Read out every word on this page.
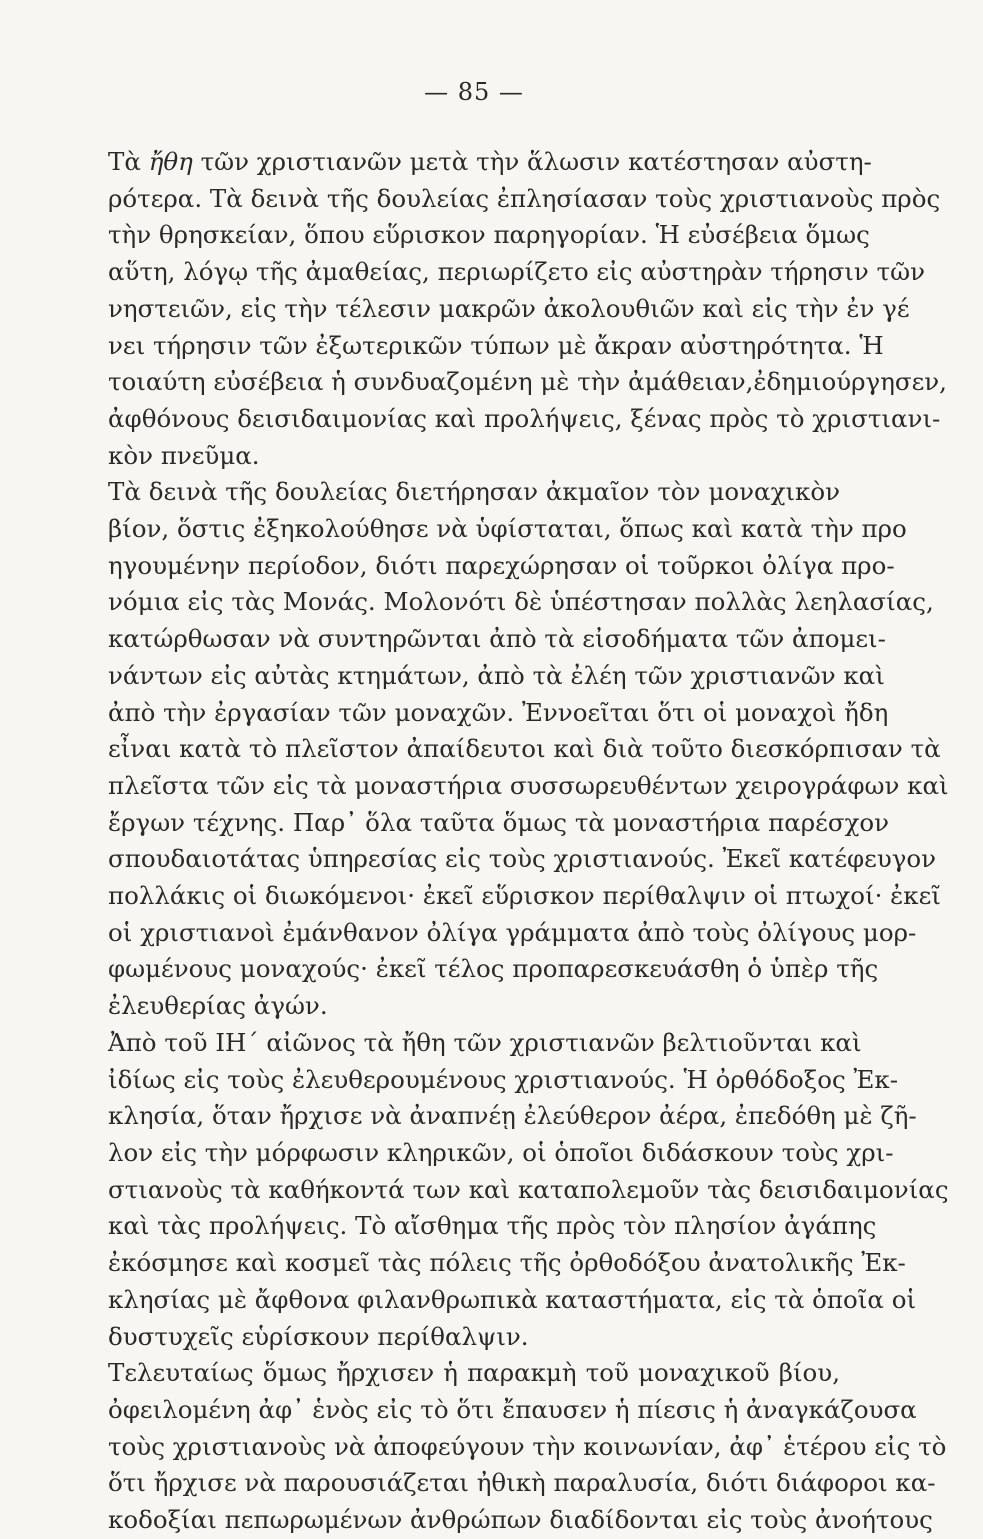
— 85 —
Τὰ ἤθη τῶν χριστιανῶν μετὰ τὴν ἅλωσιν κατέστησαν αὐστη-
ρότερα. Τὰ δεινὰ τῆς δουλείας ἐπλησίασαν τοὺς χριστιανοὺς πρὸς
τὴν θρησκείαν, ὅπου εὕρισκον παρηγορίαν. Ἡ εὐσέβεια ὅμως
αὕτη, λόγῳ τῆς ἀμαθείας, περιωρίζετο εἰς αὐστηρὰν τήρησιν τῶν
νηστειῶν, εἰς τὴν τέλεσιν μακρῶν ἀκολουθιῶν καὶ εἰς τὴν ἐν γέ
νει τήρησιν τῶν ἐξωτερικῶν τύπων μὲ ἄκραν αὐστηρότητα. Ἡ
τοιαύτη εὐσέβεια ἡ συνδυαζομένη μὲ τὴν ἀμάθειαν,ἐδημιούργησεν,
ἀφθόνους δεισιδαιμονίας καὶ προλήψεις, ξένας πρὸς τὸ χριστιανι-
κὸν πνεῦμα.
Τὰ δεινὰ τῆς δουλείας διετήρησαν ἀκμαῖον τὸν μοναχικὸν
βίον, ὅστις ἐξηκολούθησε νὰ ὑφίσταται, ὅπως καὶ κατὰ τὴν προ
ηγουμένην περίοδον, διότι παρεχώρησαν οἱ τοῦρκοι ὀλίγα προ-
νόμια εἰς τὰς Μονάς. Μολονότι δὲ ὑπέστησαν πολλὰς λεηλασίας,
κατώρθωσαν νὰ συντηρῶνται ἀπὸ τὰ εἰσοδήματα τῶν ἀπομει-
νάντων εἰς αὐτὰς κτημάτων, ἀπὸ τὰ ἐλέη τῶν χριστιανῶν καὶ
ἀπὸ τὴν ἐργασίαν τῶν μοναχῶν. Ἐννοεῖται ὅτι οἱ μοναχοὶ ἤδη
εἶναι κατὰ τὸ πλεῖστον ἀπαίδευτοι καὶ διὰ τοῦτο διεσκόρπισαν τὰ
πλεῖστα τῶν εἰς τὰ μοναστήρια συσσωρευθέντων χειρογράφων καὶ
ἔργων τέχνης. Παρ᾽ ὅλα ταῦτα ὅμως τὰ μοναστήρια παρέσχον
σπουδαιοτάτας ὑπηρεσίας εἰς τοὺς χριστιανούς. Ἐκεῖ κατέφευγον
πολλάκις οἱ διωκόμενοι· ἐκεῖ εὕρισκον περίθαλψιν οἱ πτωχοί· ἐκεῖ
οἱ χριστιανοὶ ἐμάνθανον ὀλίγα γράμματα ἀπὸ τοὺς ὀλίγους μορ-
φωμένους μοναχούς· ἐκεῖ τέλος προπαρεσκευάσθη ὁ ὑπὲρ τῆς
ἐλευθερίας ἀγών.
Ἀπὸ τοῦ ΙΗ΄ αἰῶνος τὰ ἤθη τῶν χριστιανῶν βελτιοῦνται καὶ
ἰδίως εἰς τοὺς ἐλευθερουμένους χριστιανούς. Ἡ ὀρθόδοξος Ἐκ-
κλησία, ὅταν ἤρχισε νὰ ἀναπνέῃ ἐλεύθερον ἀέρα, ἐπεδόθη μὲ ζῆ-
λον εἰς τὴν μόρφωσιν κληρικῶν, οἱ ὁποῖοι διδάσκουν τοὺς χρι-
στιανοὺς τὰ καθήκοντά των καὶ καταπολεμοῦν τὰς δεισιδαιμονίας
καὶ τὰς προλήψεις. Τὸ αἴσθημα τῆς πρὸς τὸν πλησίον ἀγάπης
ἐκόσμησε καὶ κοσμεῖ τὰς πόλεις τῆς ὀρθοδόξου ἀνατολικῆς Ἐκ-
κλησίας μὲ ἄφθονα φιλανθρωπικὰ καταστήματα, εἰς τὰ ὁποῖα οἱ
δυστυχεῖς εὑρίσκουν περίθαλψιν.
Τελευταίως ὅμως ἤρχισεν ἡ παρακμὴ τοῦ μοναχικοῦ βίου,
ὀφειλομένη ἀφ᾽ ἑνὸς εἰς τὸ ὅτι ἔπαυσεν ἡ πίεσις ἡ ἀναγκάζουσα
τοὺς χριστιανοὺς νὰ ἀποφεύγουν τὴν κοινωνίαν, ἀφ᾽ ἑτέρου εἰς τὸ
ὅτι ἤρχισε νὰ παρουσιάζεται ἠθικὴ παραλυσία, διότι διάφοροι κα-
κοδοξίαι πεπωρωμένων ἀνθρώπων διαδίδονται εἰς τοὺς ἀνοήτους
